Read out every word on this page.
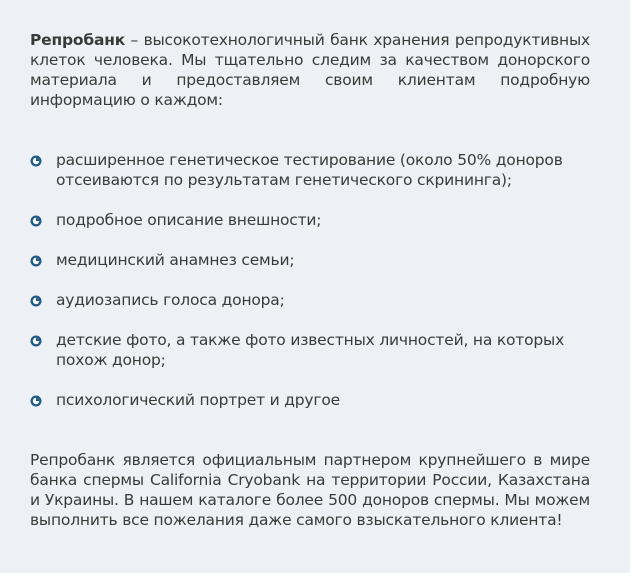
Репробанк – высокотехнологичный банк хранения репродуктивных клеток человека. Мы тщательно следим за качеством донорского материала и предоставляем своим клиентам подробную информацию о каждом:

расширенное генетическое тестирование (около 50% доноров отсеиваются по результатам генетического скрининга);
подробное описание внешности;
медицинский анамнез семьи;
аудиозапись голоса донора;
детские фото, а также фото известных личностей, на которых похож донор;
психологический портрет и другое

Репробанк является официальным партнером крупнейшего в мире банка спермы California Cryobank на территории России, Казахстана и Украины. В нашем каталоге более 500 доноров спермы. Мы можем выполнить все пожелания даже самого взыскательного клиента!
